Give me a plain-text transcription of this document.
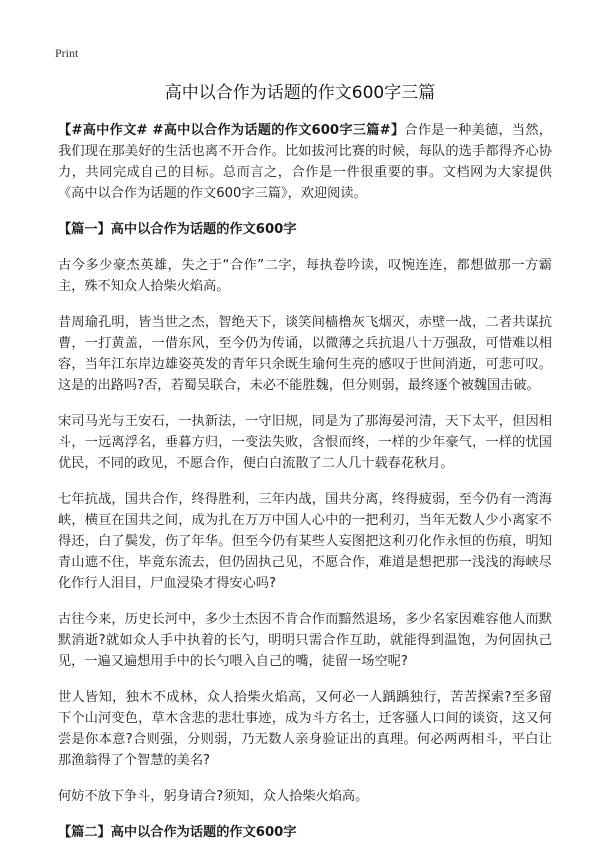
Print
高中以合作为话题的作文600字三篇

【#高中作文# #高中以合作为话题的作文600字三篇#】合作是一种美德，当然，我们现在那美好的生活也离不开合作。比如拔河比赛的时候，每队的选手都得齐心协力，共同完成自己的目标。总而言之，合作是一件很重要的事。文档网为大家提供《高中以合作为话题的作文600字三篇》，欢迎阅读。

【篇一】高中以合作为话题的作文600字

古今多少豪杰英雄，失之于“合作”二字，每执卷吟读，叹惋连连，都想做那一方霸主，殊不知众人拾柴火焰高。

昔周瑜孔明，皆当世之杰，智绝天下，谈笑间樯橹灰飞烟灭，赤壁一战，二者共谋抗曹，一打黄盖，一借东风，至今仍为传诵，以微薄之兵抗退八十万强敌，可惜难以相容，当年江东岸边雄姿英发的青年只余既生瑜何生亮的感叹于世间消逝，可悲可叹。这是的出路吗?否，若蜀吴联合，未必不能胜魏，但分则弱，最终逐个被魏国击破。

宋司马光与王安石，一执新法，一守旧规，同是为了那海晏河清，天下太平，但因相斗，一远离浮名，垂暮方归，一变法失败，含恨而终，一样的少年豪气，一样的忧国优民，不同的政见，不愿合作，便白白流散了二人几十载春花秋月。

七年抗战，国共合作，终得胜利，三年内战，国共分离，终得疲弱，至今仍有一湾海峡，横亘在国共之间，成为扎在万万中国人心中的一把利刃，当年无数人少小离家不得还，白了鬓发，伤了年华。但至今仍有某些人妄图把这利刃化作永恒的伤痕，明知青山遮不住，毕竟东流去，但仍固执己见，不愿合作，难道是想把那一浅浅的海峡尽化作行人泪目，尸血浸染才得安心吗?

古往今来，历史长河中，多少士杰因不肯合作而黯然退场，多少名家因难容他人而默默消逝?就如众人手中执着的长勺，明明只需合作互助，就能得到温饱，为何固执己见，一遍又遍想用手中的长勺喂入自己的嘴，徒留一场空呢?

世人皆知，独木不成林，众人拾柴火焰高，又何必一人踽踽独行，苦苦探索?至多留下个山河变色，草木含悲的悲壮事迹，成为斗方名士，迁客骚人口间的谈资，这又何尝是你本意?合则强，分则弱，乃无数人亲身验证出的真理。何必两两相斗，平白让那渔翁得了个智慧的美名?

何妨不放下争斗，躬身请合?须知，众人拾柴火焰高。

【篇二】高中以合作为话题的作文600字
